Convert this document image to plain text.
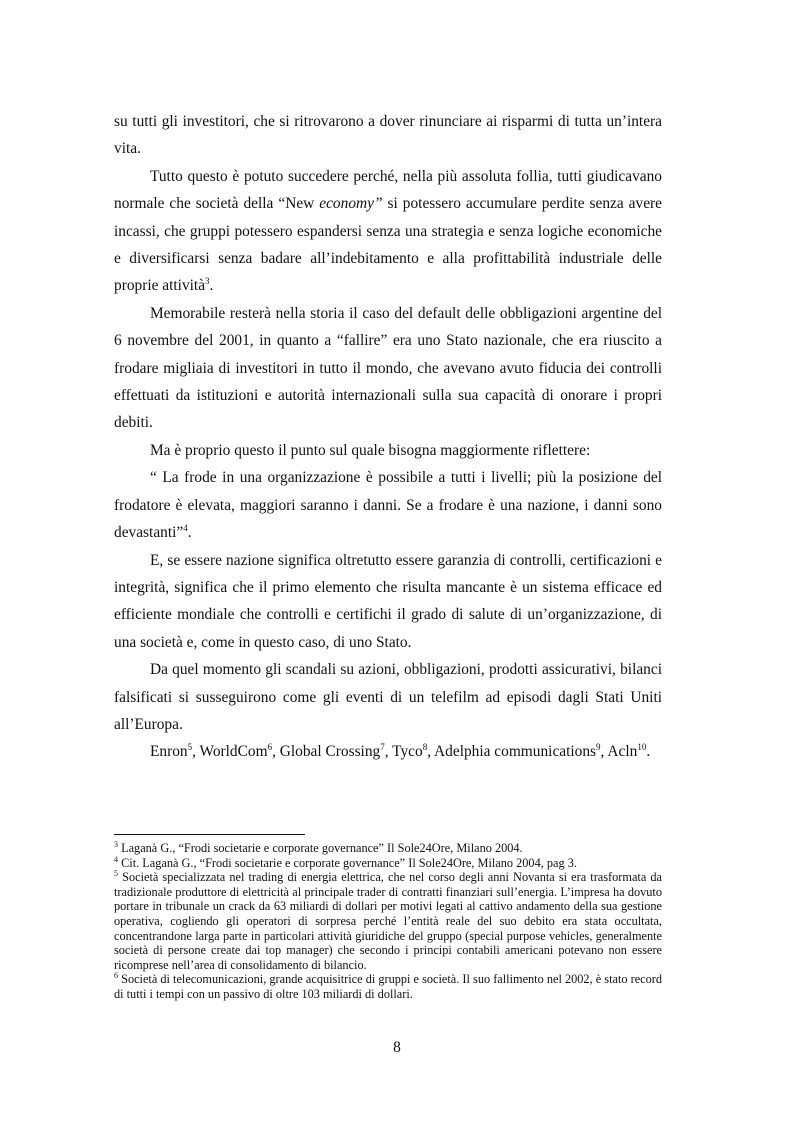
su tutti gli investitori, che si ritrovarono a dover rinunciare ai risparmi di tutta un’intera vita.

Tutto questo è potuto succedere perché, nella più assoluta follia, tutti giudicavano normale che società della “New economy” si potessero accumulare perdite senza avere incassi, che gruppi potessero espandersi senza una strategia e senza logiche economiche e diversificarsi senza badare all’indebitamento e alla profittabilità industriale delle proprie attività$^3$.

Memorabile resterà nella storia il caso del default delle obbligazioni argentine del 6 novembre del 2001, in quanto a “fallire” era uno Stato nazionale, che era riuscito a frodare migliaia di investitori in tutto il mondo, che avevano avuto fiducia dei controlli effettuati da istituzioni e autorità internazionali sulla sua capacità di onorare i propri debiti.

Ma è proprio questo il punto sul quale bisogna maggiormente riflettere:

“ La frode in una organizzazione è possibile a tutti i livelli; più la posizione del frodatore è elevata, maggiori saranno i danni. Se a frodare è una nazione, i danni sono devastanti”$^4$.

E, se essere nazione significa oltretutto essere garanzia di controlli, certificazioni e integrità, significa che il primo elemento che risulta mancante è un sistema efficace ed efficiente mondiale che controlli e certifichi il grado di salute di un’organizzazione, di una società e, come in questo caso, di uno Stato.

Da quel momento gli scandali su azioni, obbligazioni, prodotti assicurativi, bilanci falsificati si susseguirono come gli eventi di un telefilm ad episodi dagli Stati Uniti all’Europa.

Enron$^5$, WorldCom$^6$, Global Crossing$^7$, Tyco$^8$, Adelphia communications$^9$, Acln$^{10}$.

$^3$ Laganà G., “Frodi societarie e corporate governance” Il Sole24Ore, Milano 2004.

$^4$ Cit. Laganà G., “Frodi societarie e corporate governance” Il Sole24Ore, Milano 2004, pag 3.

$^5$ Società specializzata nel trading di energia elettrica, che nel corso degli anni Novanta si era trasformata da tradizionale produttore di elettricità al principale trader di contratti finanziari sull’energia. L’impresa ha dovuto portare in tribunale un crack da 63 miliardi di dollari per motivi legati al cattivo andamento della sua gestione operativa, cogliendo gli operatori di sorpresa perché l’entità reale del suo debito era stata occultata, concentrandone larga parte in particolari attività giuridiche del gruppo (special purpose vehicles, generalmente società di persone create dai top manager) che secondo i principi contabili americani potevano non essere ricomprese nell’area di consolidamento di bilancio.

$^6$ Società di telecomunicazioni, grande acquisitrice di gruppi e società. Il suo fallimento nel 2002, è stato record di tutti i tempi con un passivo di oltre 103 miliardi di dollari.

8
